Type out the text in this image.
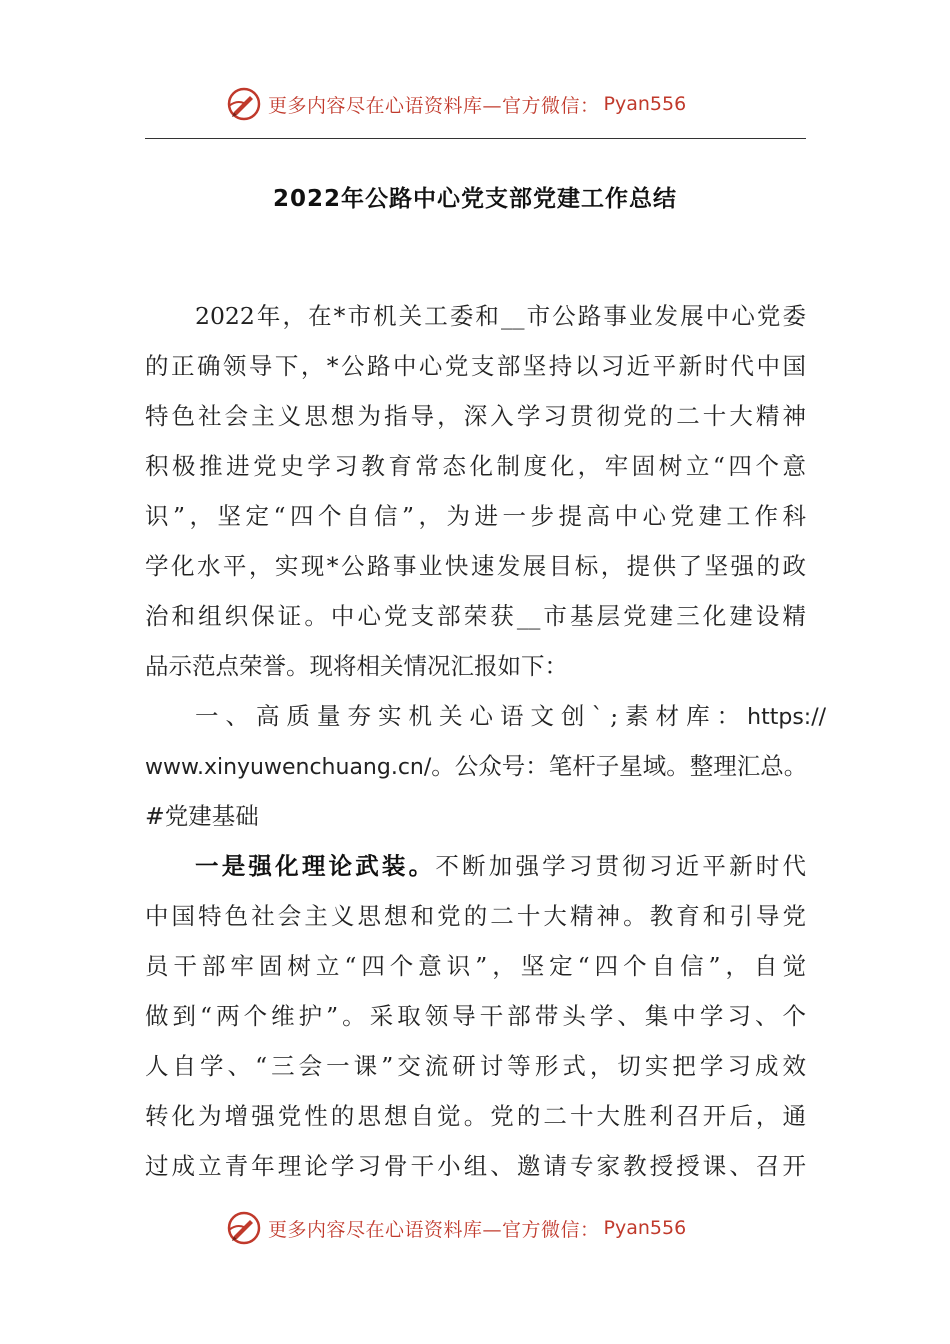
更多内容尽在心语资料库—官方微信： Pyan556
2022年公路中心党支部党建工作总结
2022年，在*市机关工委和__市公路事业发展中心党委
的正确领导下，*公路中心党支部坚持以习近平新时代中国
特色社会主义思想为指导，深入学习贯彻党的二十大精神
积极推进党史学习教育常态化制度化，牢固树立“四个意
识”，坚定“四个自信”，为进一步提高中心党建工作科
学化水平，实现*公路事业快速发展目标，提供了坚强的政
治和组织保证。中心党支部荣获__市基层党建三化建设精
品示范点荣誉。现将相关情况汇报如下：
一、高质量夯实机关心语文创`;素材库：https://
www.xinyuwenchuang.cn/。公众号：笔杆子星域。整理汇总。
#党建基础
一是强化理论武装。不断加强学习贯彻习近平新时代
中国特色社会主义思想和党的二十大精神。教育和引导党
员干部牢固树立“四个意识”，坚定“四个自信”，自觉
做到“两个维护”。采取领导干部带头学、集中学习、个
人自学、“三会一课”交流研讨等形式，切实把学习成效
转化为增强党性的思想自觉。党的二十大胜利召开后，通
过成立青年理论学习骨干小组、邀请专家教授授课、召开
更多内容尽在心语资料库—官方微信： Pyan556
